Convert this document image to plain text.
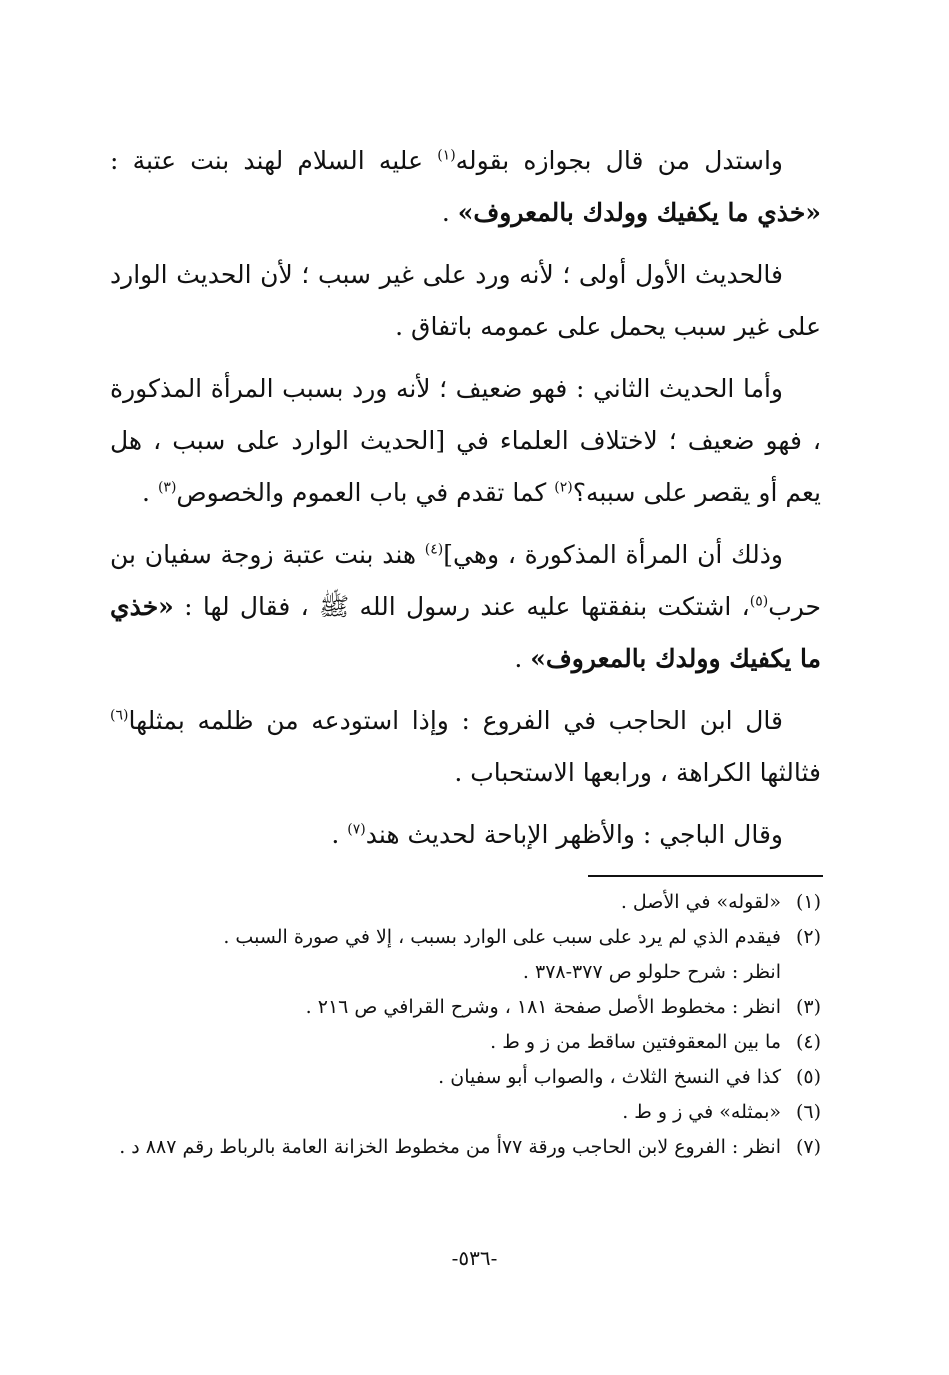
واستدل من قال بجوازه بقوله$^{(١)}$ عليه السلام لهند بنت عتبة : «خذي ما يكفيك وولدك بالمعروف» .

فالحديث الأول أولى ؛ لأنه ورد على غير سبب ؛ لأن الحديث الوارد على غير سبب يحمل على عمومه باتفاق .

وأما الحديث الثاني : فهو ضعيف ؛ لأنه ورد بسبب المرأة المذكورة ، فهو ضعيف ؛ لاختلاف العلماء في [الحديث الوارد على سبب ، هل يعم أو يقصر على سببه؟$^{(٢)}$ كما تقدم في باب العموم والخصوص$^{(٣)}$ .

وذلك أن المرأة المذكورة ، وهي]$^{(٤)}$ هند بنت عتبة زوجة سفيان بن حرب$^{(٥)}$، اشتكت بنفقتها عليه عند رسول الله ﷺ ، فقال لها : «خذي ما يكفيك وولدك بالمعروف» .

قال ابن الحاجب في الفروع : وإذا استودعه من ظلمه بمثلها$^{(٦)}$ فثالثها الكراهة ، ورابعها الاستحباب .

وقال الباجي : والأظهر الإباحة لحديث هند$^{(٧)}$ .

(١)
«لقوله» في الأصل .
(٢)
فيقدم الذي لم يرد على سبب على الوارد بسبب ، إلا في صورة السبب .
انظر : شرح حلولو ص ٣٧٧-٣٧٨ .
(٣)
انظر : مخطوط الأصل صفحة ١٨١ ، وشرح القرافي ص ٢١٦ .
(٤)
ما بين المعقوفتين ساقط من ز و ط .
(٥)
كذا في النسخ الثلاث ، والصواب أبو سفيان .
(٦)
«بمثله» في ز و ط .
(٧)
انظر : الفروع لابن الحاجب ورقة ٧٧أ من مخطوط الخزانة العامة بالرباط رقم ٨٨٧ د .
-٥٣٦-
